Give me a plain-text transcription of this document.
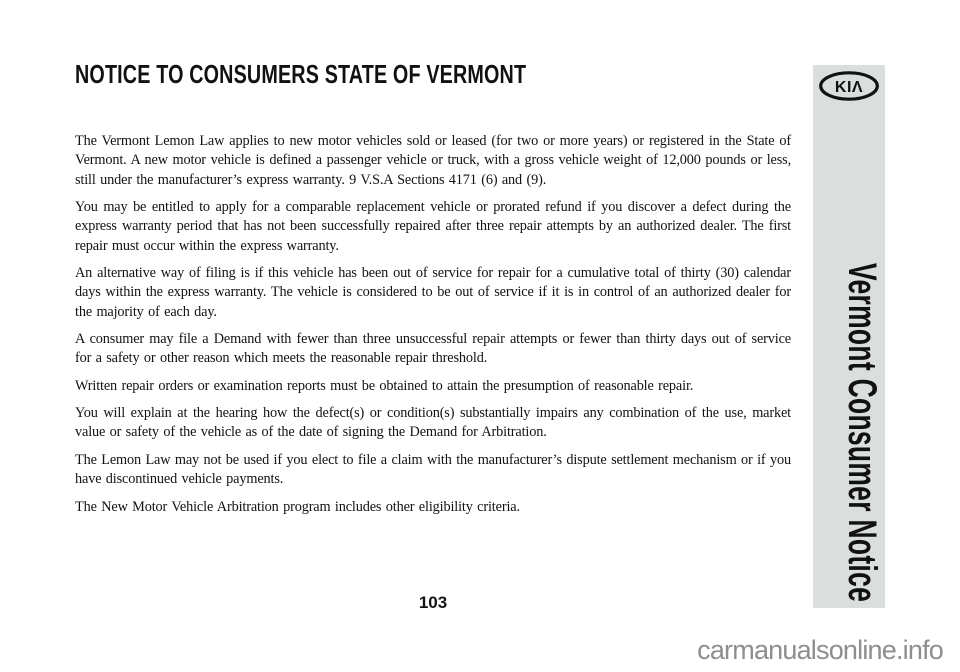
NOTICE TO CONSUMERS STATE OF VERMONT

The Vermont Lemon Law applies to new motor vehicles sold or leased (for two or more years) or registered in the State of Vermont. A new motor vehicle is defined a passenger vehicle or truck, with a gross vehicle weight of 12,000 pounds or less, still under the manufacturer’s express warranty. 9 V.S.A Sections 4171 (6) and (9).

You may be entitled to apply for a comparable replacement vehicle or prorated refund if you discover a defect during the express warranty period that has not been successfully repaired after three repair attempts by an authorized dealer. The first repair must occur within the express warranty.

An alternative way of filing is if this vehicle has been out of service for repair for a cumulative total of thirty (30) calendar days within the express warranty. The vehicle is considered to be out of service if it is in control of an authorized dealer for the majority of each day.

A consumer may file a Demand with fewer than three unsuccessful repair attempts or fewer than thirty days out of service for a safety or other reason which meets the reasonable repair threshold.

Written repair orders or examination reports must be obtained to attain the presumption of reasonable repair.

You will explain at the hearing how the defect(s) or condition(s) substantially impairs any combination of the use, market value or safety of the vehicle as of the date of signing the Demand for Arbitration.

The Lemon Law may not be used if you elect to file a claim with the manufacturer’s dispute settlement mechanism or if you have discontinued vehicle payments.

The New Motor Vehicle Arbitration program includes other eligibility criteria.

KIΛ
Vermont Consumer Notice
103
carmanualsonline.info
